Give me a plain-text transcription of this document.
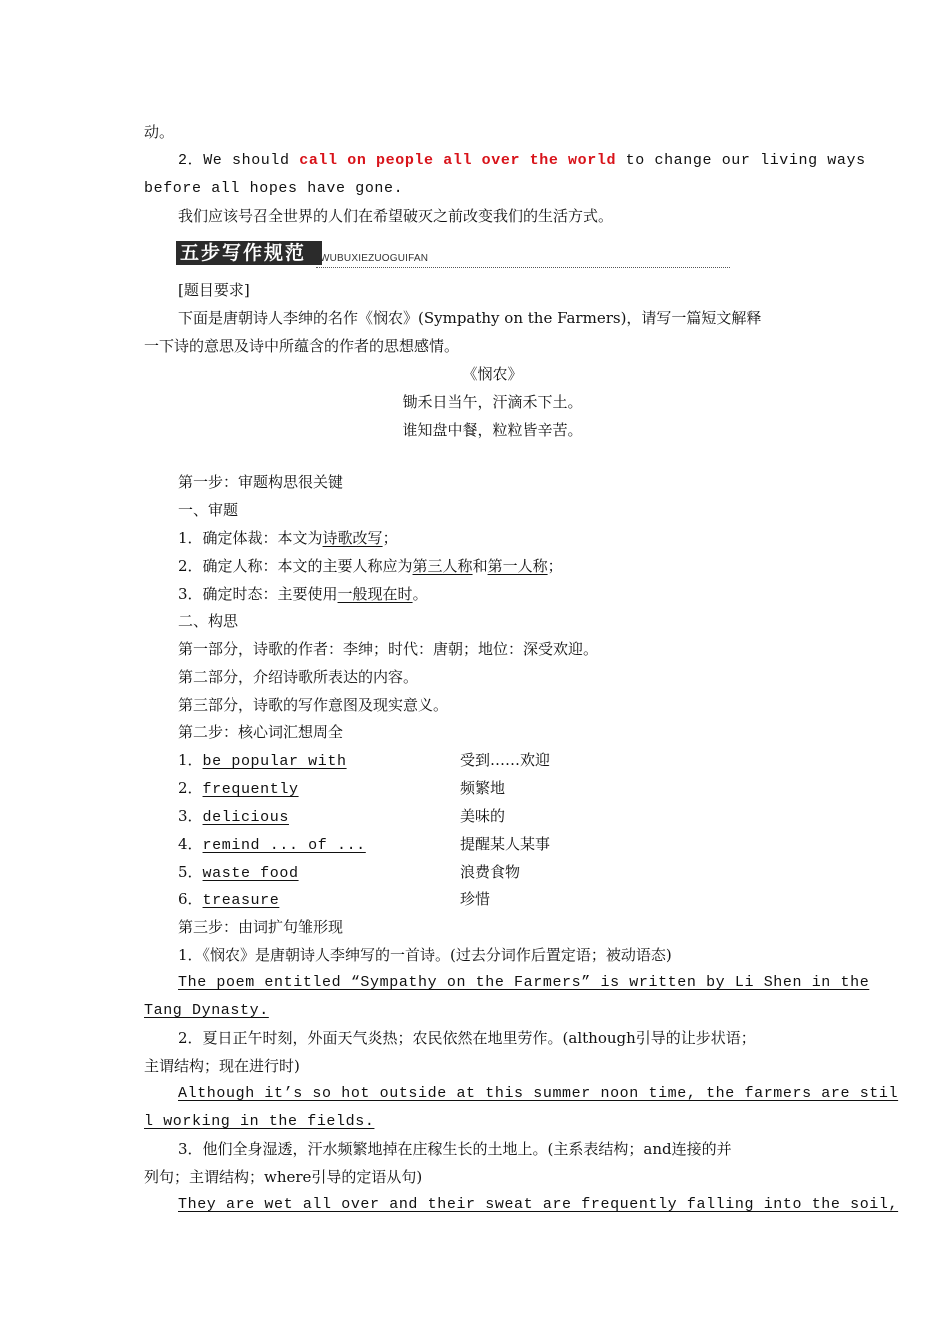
动。
2．We should call on people all over the world to change our living ways
before all hopes have gone.
我们应该号召全世界的人们在希望破灭之前改变我们的生活方式。
五步写作规范	WUBUXIEZUOGUIFAN
[题目要求]
下面是唐朝诗人李绅的名作《悯农》(Sympathy on the Farmers)，请写一篇短文解释
一下诗的意思及诗中所蕴含的作者的思想感情。
《悯农》
锄禾日当午，汗滴禾下土。
谁知盘中餐，粒粒皆辛苦。
第一步：审题构思很关键
一、审题
1．确定体裁：本文为诗歌改写；
2．确定人称：本文的主要人称应为第三人称和第一人称；
3．确定时态：主要使用一般现在时。
二、构思
第一部分，诗歌的作者：李绅；时代：唐朝；地位：深受欢迎。
第二部分，介绍诗歌所表达的内容。
第三部分，诗歌的写作意图及现实意义。
第二步：核心词汇想周全
1．be popular with	受到……欢迎
2．frequently	频繁地
3．delicious	美味的
4．remind ... of ...	提醒某人某事
5．waste food	浪费食物
6．treasure	珍惜
第三步：由词扩句雏形现
1．《悯农》是唐朝诗人李绅写的一首诗。(过去分词作后置定语；被动语态)
The poem entitled “Sympathy on the Farmers” is written by Li Shen in the
Tang Dynasty.
2．夏日正午时刻，外面天气炎热；农民依然在地里劳作。(although引导的让步状语；
主谓结构；现在进行时)
Although it’s so hot outside at this summer noon time, the farmers are stil
l working in the fields.
3．他们全身湿透，汗水频繁地掉在庄稼生长的土地上。(主系表结构；and连接的并
列句；主谓结构；where引导的定语从句)
They are wet all over and their sweat are frequently falling into the soil,
